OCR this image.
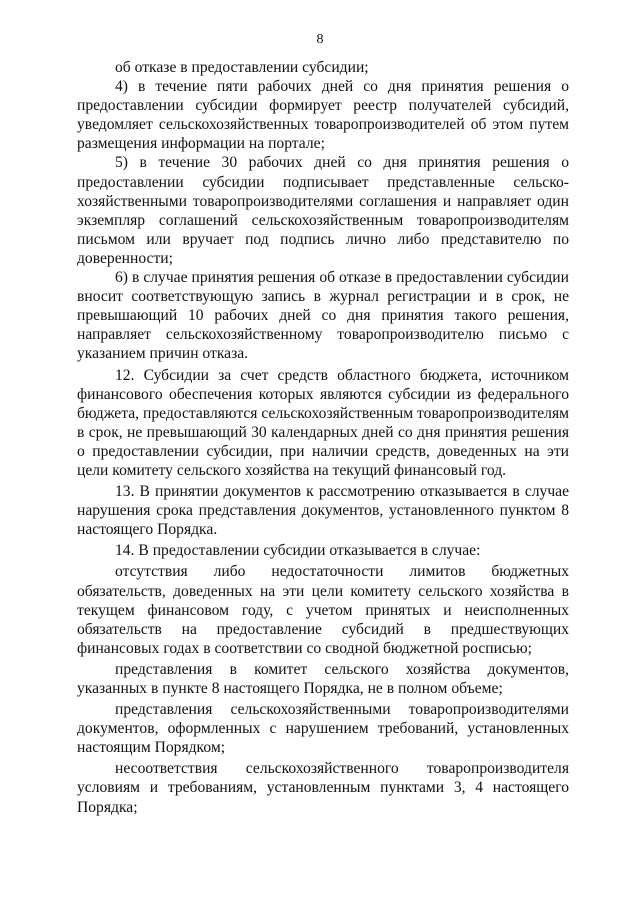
8

об отказе в предоставлении субсидии;

4) в течение пяти рабочих дней со дня принятия решения о предоставлении субсидии формирует реестр получателей субсидий, уведомляет сельскохозяйственных товаропроизводителей об этом путем размещения информации на портале;

5) в течение 30 рабочих дней со дня принятия решения о предоставлении субсидии подписывает представленные сельско-хозяйственными товаропроизводителями соглашения и направляет один экземпляр соглашений сельскохозяйственным товаропроизводителям письмом или вручает под подпись лично либо представителю по доверенности;

6) в случае принятия решения об отказе в предоставлении субсидии вносит соответствующую запись в журнал регистрации и в срок, не превышающий 10 рабочих дней со дня принятия такого решения, направляет сельскохозяйственному товаропроизводителю письмо с указанием причин отказа.

12. Субсидии за счет средств областного бюджета, источником финансового обеспечения которых являются субсидии из федерального бюджета, предоставляются сельскохозяйственным товаропроизводителям в срок, не превышающий 30 календарных дней со дня принятия решения о предоставлении субсидии, при наличии средств, доведенных на эти цели комитету сельского хозяйства на текущий финансовый год.

13. В принятии документов к рассмотрению отказывается в случае нарушения срока представления документов, установленного пунктом 8 настоящего Порядка.

14. В предоставлении субсидии отказывается в случае:

отсутствия либо недостаточности лимитов бюджетных обязательств, доведенных на эти цели комитету сельского хозяйства в текущем финансовом году, с учетом принятых и неисполненных обязательств на предоставление субсидий в предшествующих финансовых годах в соответствии со сводной бюджетной росписью;

представления в комитет сельского хозяйства документов, указанных в пункте 8 настоящего Порядка, не в полном объеме;

представления сельскохозяйственными товаропроизводителями документов, оформленных с нарушением требований, установленных настоящим Порядком;

несоответствия сельскохозяйственного товаропроизводителя условиям и требованиям, установленным пунктами 3, 4 настоящего Порядка;
